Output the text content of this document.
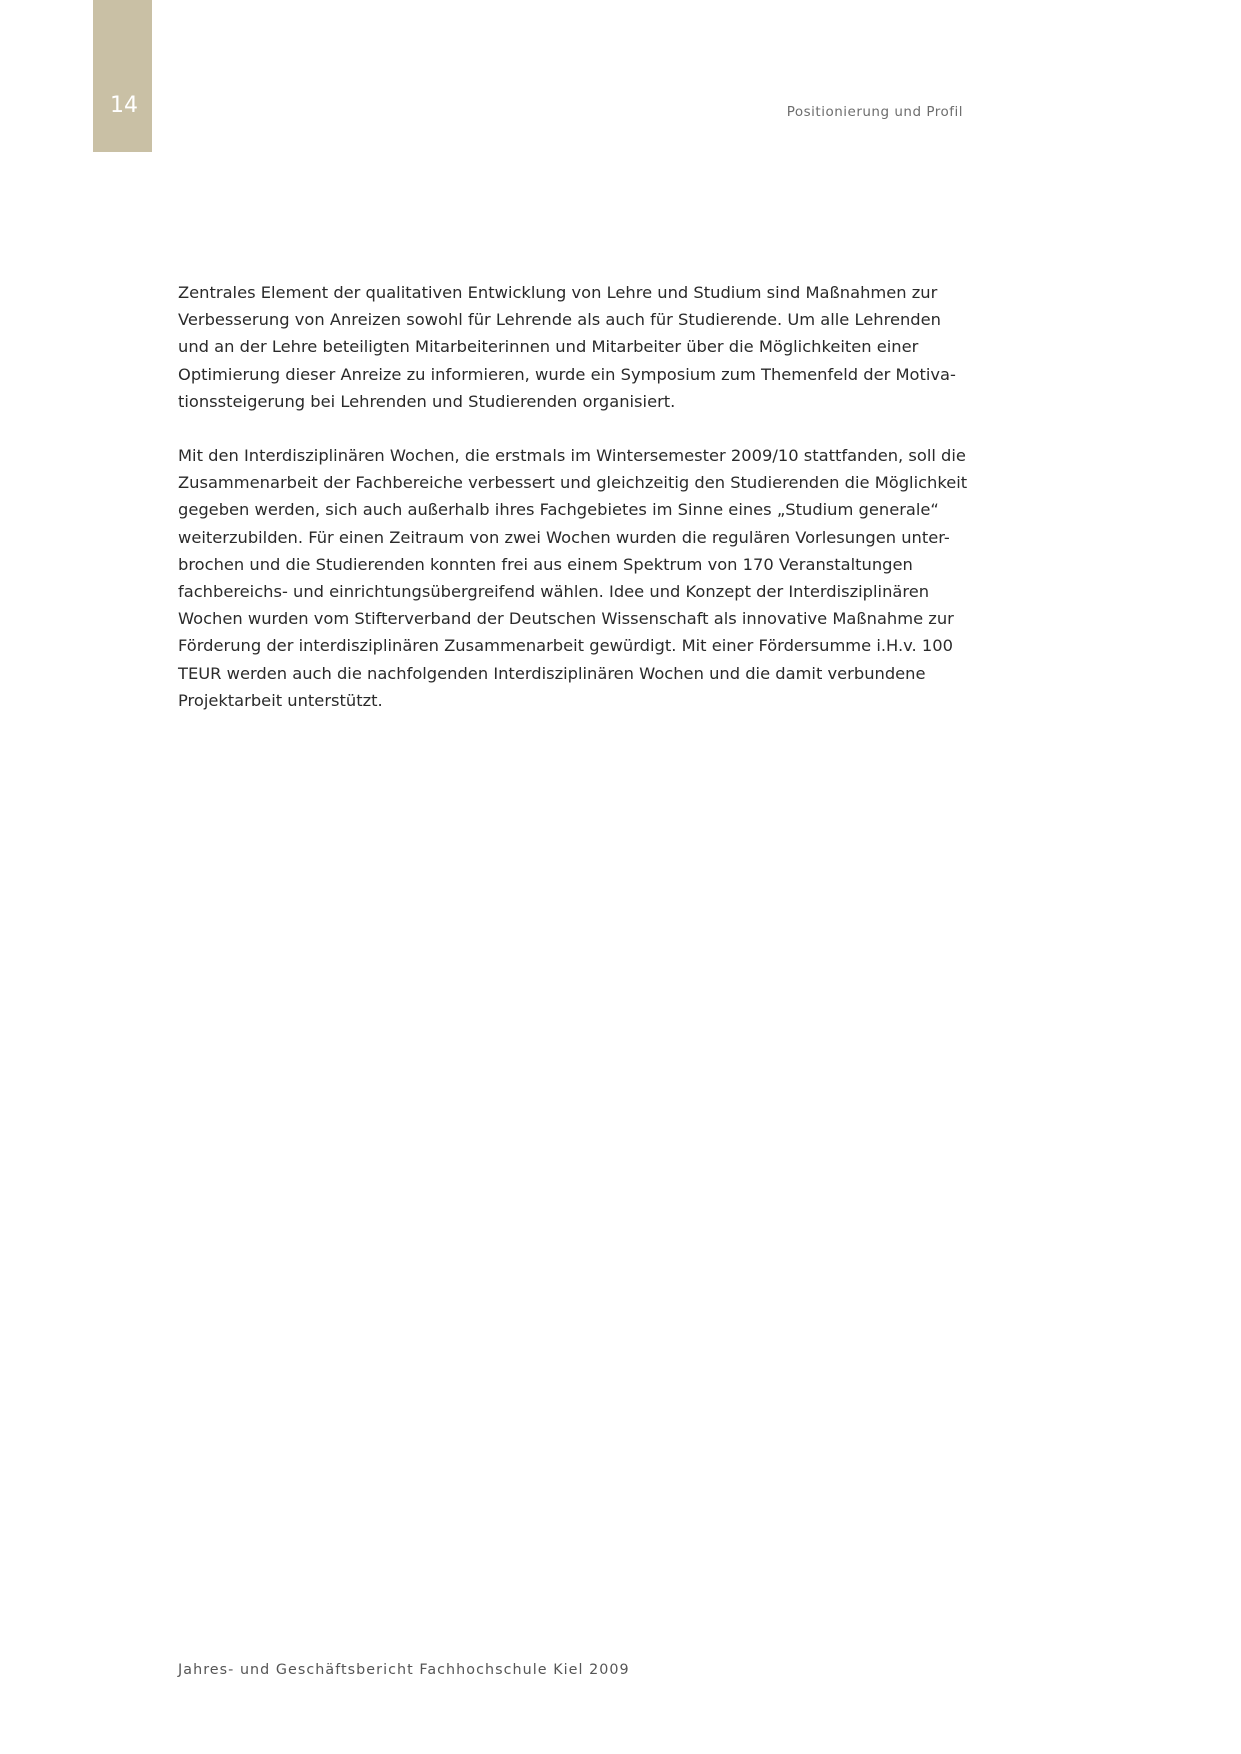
14	Positionierung und Profil

Zentrales Element der qualitativen Entwicklung von Lehre und Studium sind Maßnahmen zur
Verbesserung von Anreizen sowohl für Lehrende als auch für Studierende. Um alle Lehrenden
und an der Lehre beteiligten Mitarbeiterinnen und Mitarbeiter über die Möglichkeiten einer
Optimierung dieser Anreize zu informieren, wurde ein Symposium zum Themenfeld der Motiva-
tionssteigerung bei Lehrenden und Studierenden organisiert.

Mit den Interdisziplinären Wochen, die erstmals im Wintersemester 2009/10 stattfanden, soll die
Zusammenarbeit der Fachbereiche verbessert und gleichzeitig den Studierenden die Möglichkeit
gegeben werden, sich auch außerhalb ihres Fachgebietes im Sinne eines „Studium generale“
weiterzubilden. Für einen Zeitraum von zwei Wochen wurden die regulären Vorlesungen unter-
brochen und die Studierenden konnten frei aus einem Spektrum von 170 Veranstaltungen
fachbereichs- und einrichtungsübergreifend wählen. Idee und Konzept der Interdisziplinären
Wochen wurden vom Stifterverband der Deutschen Wissenschaft als innovative Maßnahme zur
Förderung der interdisziplinären Zusammenarbeit gewürdigt. Mit einer Fördersumme i.H.v. 100
TEUR werden auch die nachfolgenden Interdisziplinären Wochen und die damit verbundene
Projektarbeit unterstützt.

Jahres- und Geschäftsbericht Fachhochschule Kiel 2009
